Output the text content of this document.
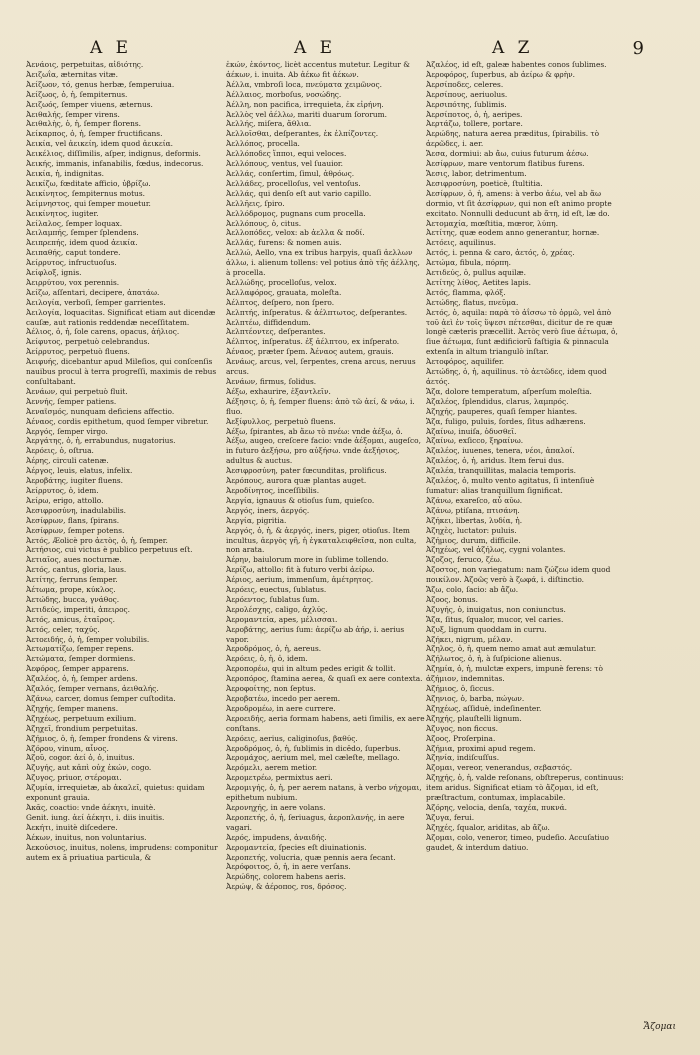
Α Ε	Α Ε	Α Ζ	9
Ἀενάοις, perpetuitas, αἰδιότης.
Ἀειζωΐα, æternitas vitæ.
Ἀείζωον, τό, genus herbæ, ſemperuiua.
Ἀείζωος, ὁ, ἡ, ſempiternus.
Ἀειζωός, ſemper viuens, æternus.
Ἀειθαλής, ſemper virens.
Ἀειθαλὴς, ὁ, ἡ, ſemper florens.
Ἀείκαρπος, ὁ, ἡ, ſemper fructificans.
Ἀεικία, vel ἀεικείη, idem quod ἀεικεία.
Ἀεικέλιος, diſſimilis, aſper, indignus, deformis.
Ἀεικής, immanis, infanabilis, fœdus, indecorus.
Ἀεικία, ἡ, indignitas.
Ἀεικίζω, fœditate afficio, ὑβρίζω.
Ἀεικίνητος, ſempiternus motus.
Ἀείμνηστος, qui ſemper mouetur.
Ἀεικίνητος, iugiter.
Ἀείλαλος, ſemper loquax.
Ἀειλαμπής, ſemper ſplendens.
Ἀειπρεπής, idem quod ἀεικία.
Ἀειπαθής, caput tondere.
Ἀείρρυτος, infructuoſus.
Ἀείφλοξ, ignis.
Ἀειρρύτου, vox perennis.
Ἀείζω, aſſentari, decipere, ἀπατάω.
Ἀειλογία, verboſi, ſemper garrientes.
Ἀειλογία, loquacitas. Significat etiam aut dicendæ cauſæ, aut rationis reddendæ neceſſitatem.
Ἀέλιος, ὁ, ἡ, ſole carens, opacus, ἀήλιος.
Ἀείφυτος, perpetuò celebrandus.
Ἀείρρυτος, perpetuò fluens.
Ἀειφυής, dicebantur apud Mileſios, qui conſcenſis nauibus procul à terra progreſſi, maximis de rebus conſultabant.
Ἀενάων, qui perpetuò fluit.
Ἀεννής, ſemper patiens.
Ἀεναϊσμός, nunquam deficiens affectio.
Ἀέναος, cordis epithetum, quod ſemper vibretur.
Ἀεργός, ſemper virgo.
Ἀεργάτης, ὁ, ἡ, errabundus, nugatorius.
Ἀερόεις, ὁ, oſtrua.
Ἀέρης, circuli catenæ.
Ἀέργος, leuis, elatus, infelix.
Ἀεροβάτης, iugiter fluens.
Ἀείρρυτος, ὁ, idem.
Ἀείρω, erigo, attollo.
Ἀεσιφροσύνη, inadulabilis.
Ἀεσίφρων, flans, ſpirans.
Ἀεσίφρων, ſemper potens.
Ἀετός, Æolicè pro ἀετὸς, ὁ, ἡ, ſemper.
Ἀετήσιος, cui victus è publico perpetuus eſt.
Ἀετιαῖος, aues nocturnæ.
Ἀετός, cantus, gloria, laus.
Ἀετίτης, ferruns ſemper.
Ἀέτωμα, prope, κύκλος.
Ἀετώδης, bucca, γνάθος.
Ἀετιδεύς, imperiti, ἀπειρος.
Ἀετός, amicus, ἑταῖρος.
Ἀετός, celer, ταχύς.
Ἀετοειδής, ὁ, ἡ, ſemper volubilis.
Ἀετωματίζω, ſemper repens.
Ἀετώματα, ſemper dormiens.
Ἀεφόρος, ſemper apparens.
Ἀζαλέος, ὁ, ἡ, ſemper ardens.
Ἀζαλός, ſemper vernans, ἀειθαλής.
Ἀζάνω, carcer, domus ſemper cuſtodita.
Ἀζηχής, ſemper manens.
Ἀζηχέως, perpetuum exilium.
Ἀζηχεῖ, frondium perpetuitas.
Ἀζήμιος, ὁ, ἡ, ſemper frondens & virens.
Ἀζόρου, vinum, αἶνος.
Ἀζοῦ, cogor. ἀεί ὁ, ὁ, inuitus.
Ἀζυγής, aut κἀπὶ οὐχ ἑκών, cogo.
Ἀζυγος, priuor, στέρομαι.
Ἀζυμία, irrequietæ, ab ἀκαλεῖ, quietus: quidam exponunt grauia.
Ἀκᾶς, coactio: vnde ἀέκητι, inuitè.
Genit. iung. ἀεί ἀέκητι, i. diis inuitis.
Ἀεκήτι, inuitè diſcedere.
Ἀέκων, inuitus, non voluntarius.
Ἀεκούσιος, inuitus, nolens, imprudens: componitur autem ex ā priuatiua particula, &
ἑκών, ἑκόντος, licèt accentus mutetur. Legitur & ἀέκων, i. inuita. Ab ἀέκω fit ἀέκων.
Ἀέλλα, vmbroſi loca, πνεύματα χειμῶνος.
Ἀέλλαιος, morboſus, νοσώδης.
Ἀέλλη, non pacifica, irrequieta, ἐκ εἰρήνη.
Ἀελλὸς vel ἀέλλω, mariti duarum ſororum.
Ἀελλής, miſera, ἄθλια.
Ἀελλοῖσθαι, deſperantes, ἐκ ἐλπίζοντες.
Ἀελλόπος, procella.
Ἀελλόποδες ἵπποι, equi veloces.
Ἀελλόπους, ventus, vel ſuauior.
Ἀελλάς, conſertim, ſimul, ἀθρόως.
Ἀελλάδες, procelloſus, vel ventoſus.
Ἀελλάς, qui denſo eſt aut vario capillo.
Ἀελλῆεις, ſpiro.
Ἀελλόδρομος, pugnans cum procella.
Ἀελλόπους, ὁ, citus.
Ἀελλοπόδες, velox: ab ἀελλα & ποδί.
Ἀελλάς, furens: & nomen auis.
Ἀελλώ, Aello, vna ex tribus harpyis, quaſi ἀελλων ἀλλω, i. alienum tollens: vel potius ἀπὸ τῆς ἀέλλης, à procella.
Ἀελλώδης, procelloſus, velox.
Ἀελλαφόρος, grauata, moleſta.
Ἀέλπτος, deſpero, non ſpero.
Ἀελπτής, inſperatus. & ἀέλπτωτος, deſperantes.
Ἀελπτέω, diffidendum.
Ἀελπτέοντες, deſperantes.
Ἀέλπτος, inſperatus. ἐξ ἀέλπτου, ex inſperato.
Ἀέναος, præter ſpem. Ἀέναος autem, grauis.
Ἀενάως, arcus, vel, ſerpentes, crena arcus, neruus arcus.
Ἀενάων, firmus, ſolidus.
Ἀέξω, exhaurire, ἐξαντλεῖν.
Ἀέξησις, ὁ, ἡ, ſemper fluens: ἀπὸ τῶ ἀεί, & νάω, i. fluo.
Ἀεξίφυλλος, perpetuò fluens.
Ἀέξω, ſpirantes, ab ἄεω τὸ πνέω: vnde ἀέξω, ὁ.
Ἀέξω, augeo, creſcere facio: vnde ἀέξομαι, augeſco, in futuro ἀεξήσω, pro αὐξήσω. vnde ἀεξήσιος, adultus & auctus.
Ἀεσιφροσύνη, pater fœcunditas, prolificus.
Ἀερόπους, aurora quæ plantas auget.
Ἀεροδίνητος, inceſſibilis.
Ἀεργία, ignauus & otioſus ſum, quieſco.
Ἀεργός, iners, ἀεργός.
Ἀεργία, pigritia.
Ἀεργός, ὁ, ἡ, & ἀεργός, iners, piger, otioſus. Item incultus, ἀεργὸς γῆ, ἡ ἐγκαταλειφθεῖσα, non culta, non arata.
Ἀέρην, baiulorum more in ſublime tollendo.
Ἀερίζω, attollo: fit à futuro verbi ἀείρω.
Ἀέριος, aerium, immenſum, ἀμέτρητος.
Ἀερόεις, euectus, ſublatus.
Ἀερόεντος, ſublatus ſum.
Ἀερολέσχης, caligo, ἀχλύς.
Ἀερομαντεία, apes, μέλισσαι.
Ἀεροβάτης, aerius ſum: ἀερίζω ab ἀήρ, i. aerius vapor.
Ἀεροδρόμος, ὁ, ἡ, aereus.
Ἀερόεις, ὁ, ἡ, ὁ, idem.
Ἀεροπορέω, qui in altum pedes erigit & tollit.
Ἀεροπόρος, ſtamina aerea, & quaſi ex aere contexta.
Ἀεροφοίτης, non ſeptus.
Ἀεροβατέω, incedo per aerem.
Ἀεροδρομέω, in aere currere.
Ἀεροειδής, aeria formam habens, aeti ſimilis, ex aere conſtans.
Ἀερόεις, aerius, caliginoſus, βαθύς.
Ἀεροδρόμος, ὁ, ἡ, ſublimis in dicêdo, ſuperbus.
Ἀερομάχος, aerium mel, mel cæleſte, mellago.
Ἀερόμελι, aerem metior.
Ἀερομετρέω, permixtus aeri.
Ἀερομιγής, ὁ, ἡ, per aerem natans, à verbo νήχομαι, epithetum nubium.
Ἀερονηχής, in aere volans.
Ἀεροπετής, ὁ, ἡ, ſeriuagus, ἀεροπλανής, in aere vagari.
Ἀερός, impudens, ἀναιδής.
Ἀερομαντεία, ſpecies eſt diuinationis.
Ἀεροπετής, volucria, quæ pennis aera ſecant.
Ἀερόφοιτος, ὁ, ἡ, in aere verſans.
Ἀερώδης, colorem habens aeris.
Ἀερώψ, & ἀέροπος, ros, δρόσος.
Ἀζαλέος, id eſt, galeæ habentes conos ſublimes.
Ἀεροφόρος, ſuperbus, ab ἀείρω & φρὴν.
Ἀερσίποδες, celeres.
Ἀερσίπους, aeriuolus.
Ἀερσιπότης, ſublimis.
Ἀερσίποτος, ὁ, ἡ, aeripes.
Ἀερτάζω, tollere, portare.
Ἀερώδης, natura aerea præditus, ſpirabilis. τὸ ἀερῶδες, i. aer.
Ἄεσα, dormiui: ab ἄω, cuius futurum ἀέσω.
Ἀεσίφρων, mare ventorum flatibus furens.
Ἄεσις, labor, detrimentum.
Ἀεσιφροσύνη, poeticè, ſtultitia.
Ἀεσίφρων, ὁ, ἡ, amens: à verbo ἀέω, vel ab ἄω dormio, vt ſit ἀεσίφρων, qui non eſt animo propte excitato. Nonnulli deducunt ab ἄτη, id eſt, læ do.
Ἀετομαχία, mœſtitia, mœror, λύπη.
Ἀετίτης, quæ eodem anno generantur, hornæ.
Ἀετόεις, aquilinus.
Ἀετός, i. penna & caro, ἀετός, ὁ, χρέας.
Ἀετώμα, fibula, πόρπη.
Ἀετιδεύς, ὁ, pullus aquilæ.
Ἀετίτης λίθος, Aetites lapis.
Ἀετός, flamma, φλόξ.
Ἀετώδης, flatus, πνεῦμα.
Ἀετός, ὁ, aquila: παρὰ τὸ ἀΐσσω τὸ ὁρμῶ, vel ἀπὸ τοῦ ἀεὶ ἐν τοῖς ὕψεσι πέτεσθαι, dicitur de re quæ longè cæteris præcellit. Ἀετὸς verò ſiue ἀέτωμα, ὁ, ſiue ἀέτωμα, ſunt ædificiorũ faſtigia & pinnacula extenſa in altum triangulò inſtar.
Ἀετοφόρος, aquilifer.
Ἀετώδης, ὁ, ἡ, aquilinus. τὸ ἀετῶδες, idem quod ἀετός.
Ἄζα, dolore temperatum, aſperſum moleſtia.
Ἀζαλέος, ſplendidus, clarus, λαμπρός.
Ἀζηχής, pauperes, quaſi ſemper hiantes.
Ἄζα, fuligo, puluis, ſordes, ſitus adhærens.
Ἀζαίνω, inuiſa, ὀδυσθεῖ.
Ἀζαίνω, exſicco, ξηραίνω.
Ἀζαλέος, iuuenes, tenera, νέοι, ἁπαλοί.
Ἀζαλέος, ὁ, ἡ, aridus. Item ferui dus.
Ἀζαλέα, tranquillitas, malacia temporis.
Ἀζαλέος, ὁ, multo vento agitatus, ſi intenſiuè ſumatur: alias tranquillum ſignificat.
Ἀζάνω, exareſco, αὖ αῦω.
Ἀζάνω, ptiſana, πτισάνη.
Ἀζήκει, libertas, λυδία, ἡ.
Ἀζηχὲς, luctator: puluis.
Ἀζήμιος, durum, difficile.
Ἀζηχέως, vel ἀζήλως, cygni volantes.
Ἄζοζος, feruco, ζέω.
Ἀζοστος, non variegatum: nam ζώζεω idem quod ποικίλον. Ἀζοῶς verò à ζωφά, i. diſtinctio.
Ἄζω, colo, ſacio: ab ἄζω.
Ἀζοος, bonus.
Ἀζυγής, ὁ, inuigatus, non coniunctus.
Ἄζα, ſitus, ſqualor, mucor, vel caries.
Ἀζυξ, lignum quoddam in curru.
Ἀζήκει, nigrum, μέλαν.
Ἀζηλος, ὁ, ἡ, quem nemo amat aut æmulatur.
Ἀζήλωτος, ὁ, ἡ, à ſuſpicione alienus.
Ἀζημία, ὁ, ἡ, mulctæ expers, impunè ferens: τὸ ἀζήμιον, indemnitas.
Ἀζήμιος, ὁ, ſiccus.
Ἀζηνιος, ὁ, barba, πώγων.
Ἀζηχέως, aſſiduè, indeſinenter.
Ἀζηχής, plauſtelli lignum.
Ἀζυγος, non ficcus.
Ἀζοος, Proſerpina.
Ἀζήμια, proximi apud regem.
Ἀζηνία, indiſcuſſus.
Ἀζομαι, vereor, venerandus, σεβαστός.
Ἀζηχής, ὁ, ἡ, valde reſonans, obſtreperus, continuus: item aridus. Significat etiam τὸ ἄζομαι, id eſt, præſtractum, contumax, implacabile.
Ἀζόρης, velocia, denſa, ταχέα, πυκνά.
Ἄζυγα, ferui.
Ἀζηχές, ſqualor, ariditas, ab ἄζω.
Ἀζομαι, colo, veneror, timeo, pudeſio. Accuſatiuo gaudet, & interdum datiuo.
Ἄζομαι
